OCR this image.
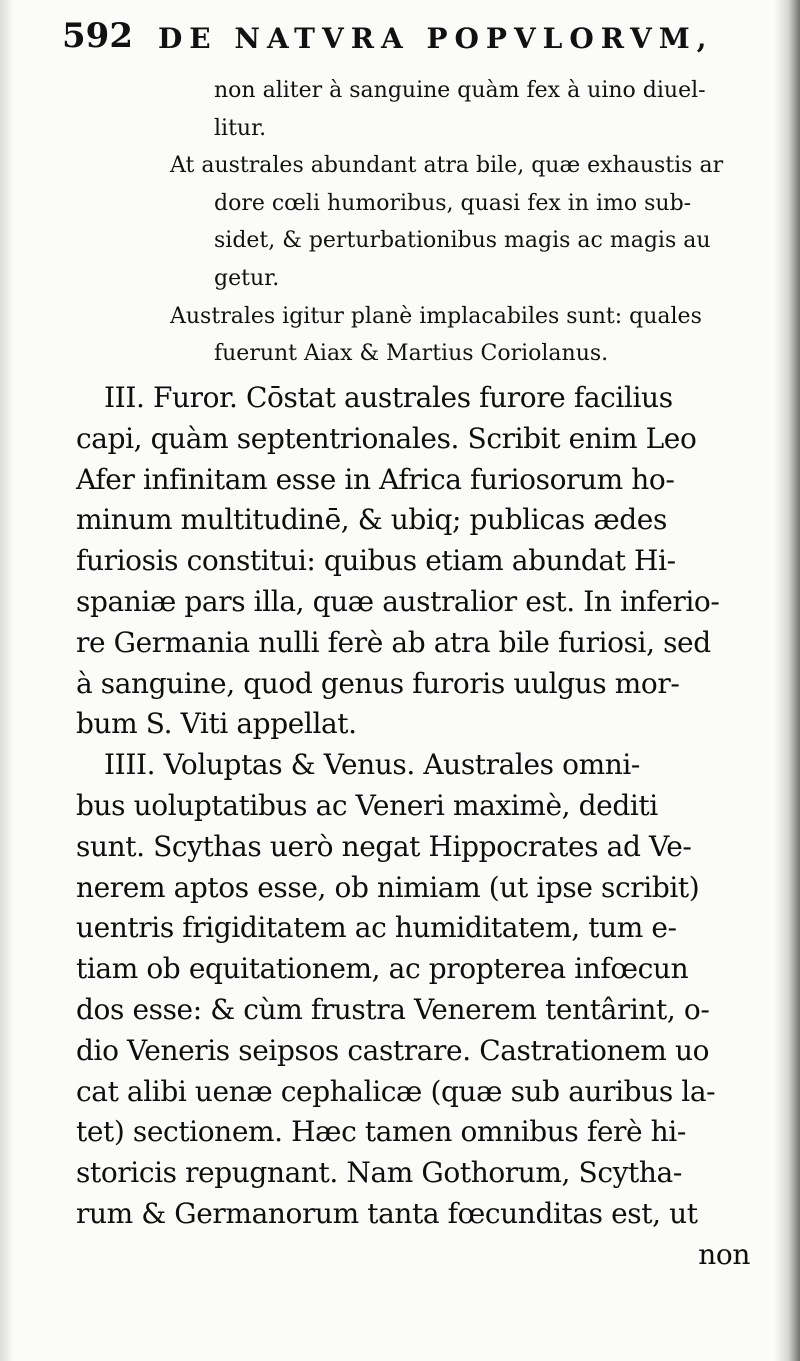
592 DE NATVRA POPVLORVM,
non aliter à sanguine quàm fex à uino diuel-
litur.
At australes abundant atra bile, quæ exhaustis ar
dore cœli humoribus, quasi fex in imo sub-
sidet, & perturbationibus magis ac magis au
getur.
Australes igitur planè implacabiles sunt: quales
fuerunt Aiax & Martius Coriolanus.
III. Furor. Cōstat australes furore facilius
capi, quàm septentrionales. Scribit enim Leo
Afer infinitam esse in Africa furiosorum ho-
minum multitudinē, & ubiq; publicas ædes
furiosis constitui: quibus etiam abundat Hi-
spaniæ pars illa, quæ australior est. In inferio-
re Germania nulli ferè ab atra bile furiosi, sed
à sanguine, quod genus furoris uulgus mor-
bum S. Viti appellat.
IIII. Voluptas & Venus. Australes omni-
bus uoluptatibus ac Veneri maximè, dediti
sunt. Scythas uerò negat Hippocrates ad Ve-
nerem aptos esse, ob nimiam (ut ipse scribit)
uentris frigiditatem ac humiditatem, tum e-
tiam ob equitationem, ac propterea infœcun
dos esse: & cùm frustra Venerem tentârint, o-
dio Veneris seipsos castrare. Castrationem uo
cat alibi uenæ cephalicæ (quæ sub auribus la-
tet) sectionem. Hæc tamen omnibus ferè hi-
storicis repugnant. Nam Gothorum, Scytha-
rum & Germanorum tanta fœcunditas est, ut
non
